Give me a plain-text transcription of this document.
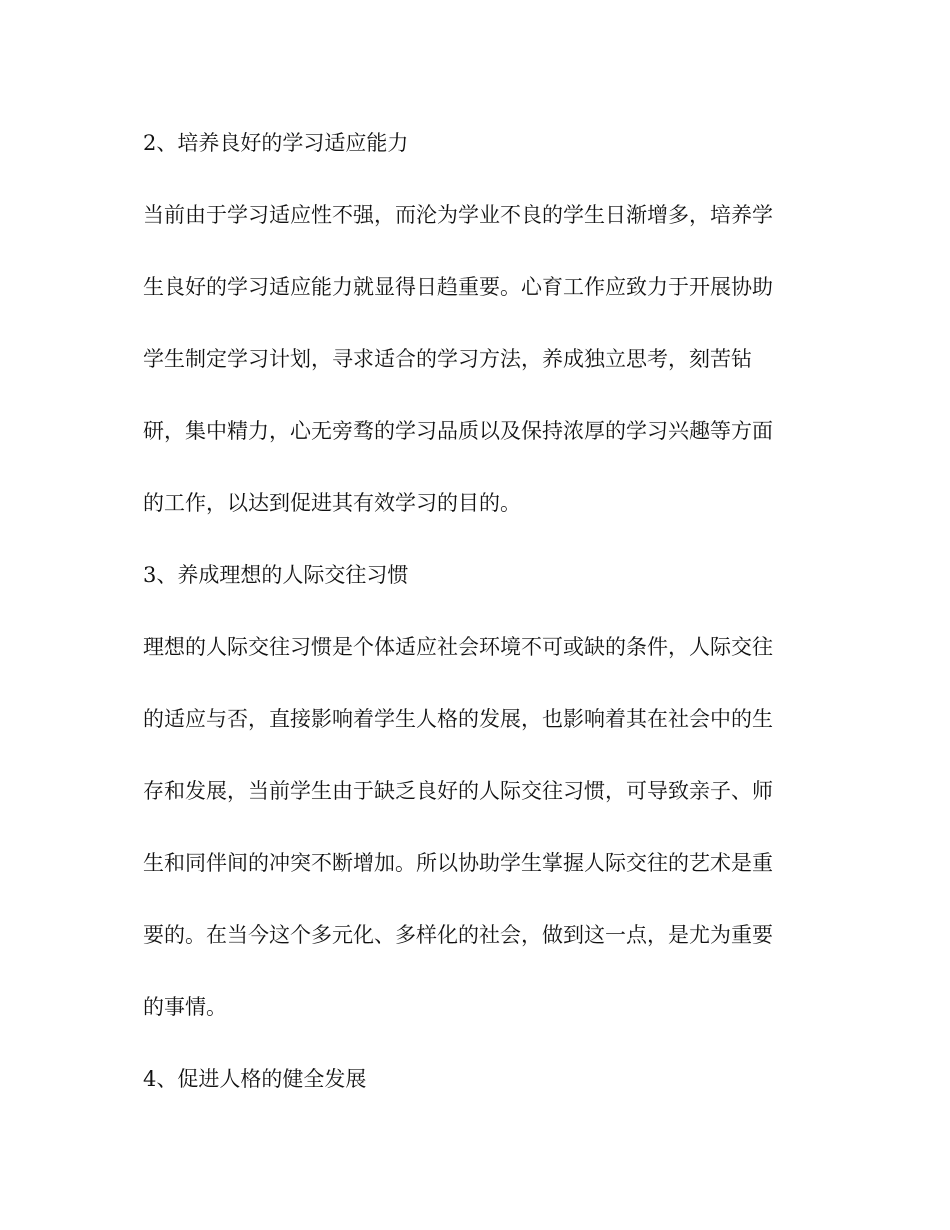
2、培养良好的学习适应能力
当前由于学习适应性不强，而沦为学业不良的学生日渐增多，培养学
生良好的学习适应能力就显得日趋重要。心育工作应致力于开展协助
学生制定学习计划，寻求适合的学习方法，养成独立思考，刻苦钻
研，集中精力，心无旁骛的学习品质以及保持浓厚的学习兴趣等方面
的工作，以达到促进其有效学习的目的。
3、养成理想的人际交往习惯
理想的人际交往习惯是个体适应社会环境不可或缺的条件，人际交往
的适应与否，直接影响着学生人格的发展，也影响着其在社会中的生
存和发展，当前学生由于缺乏良好的人际交往习惯，可导致亲子、师
生和同伴间的冲突不断增加。所以协助学生掌握人际交往的艺术是重
要的。在当今这个多元化、多样化的社会，做到这一点，是尤为重要
的事情。
4、促进人格的健全发展
